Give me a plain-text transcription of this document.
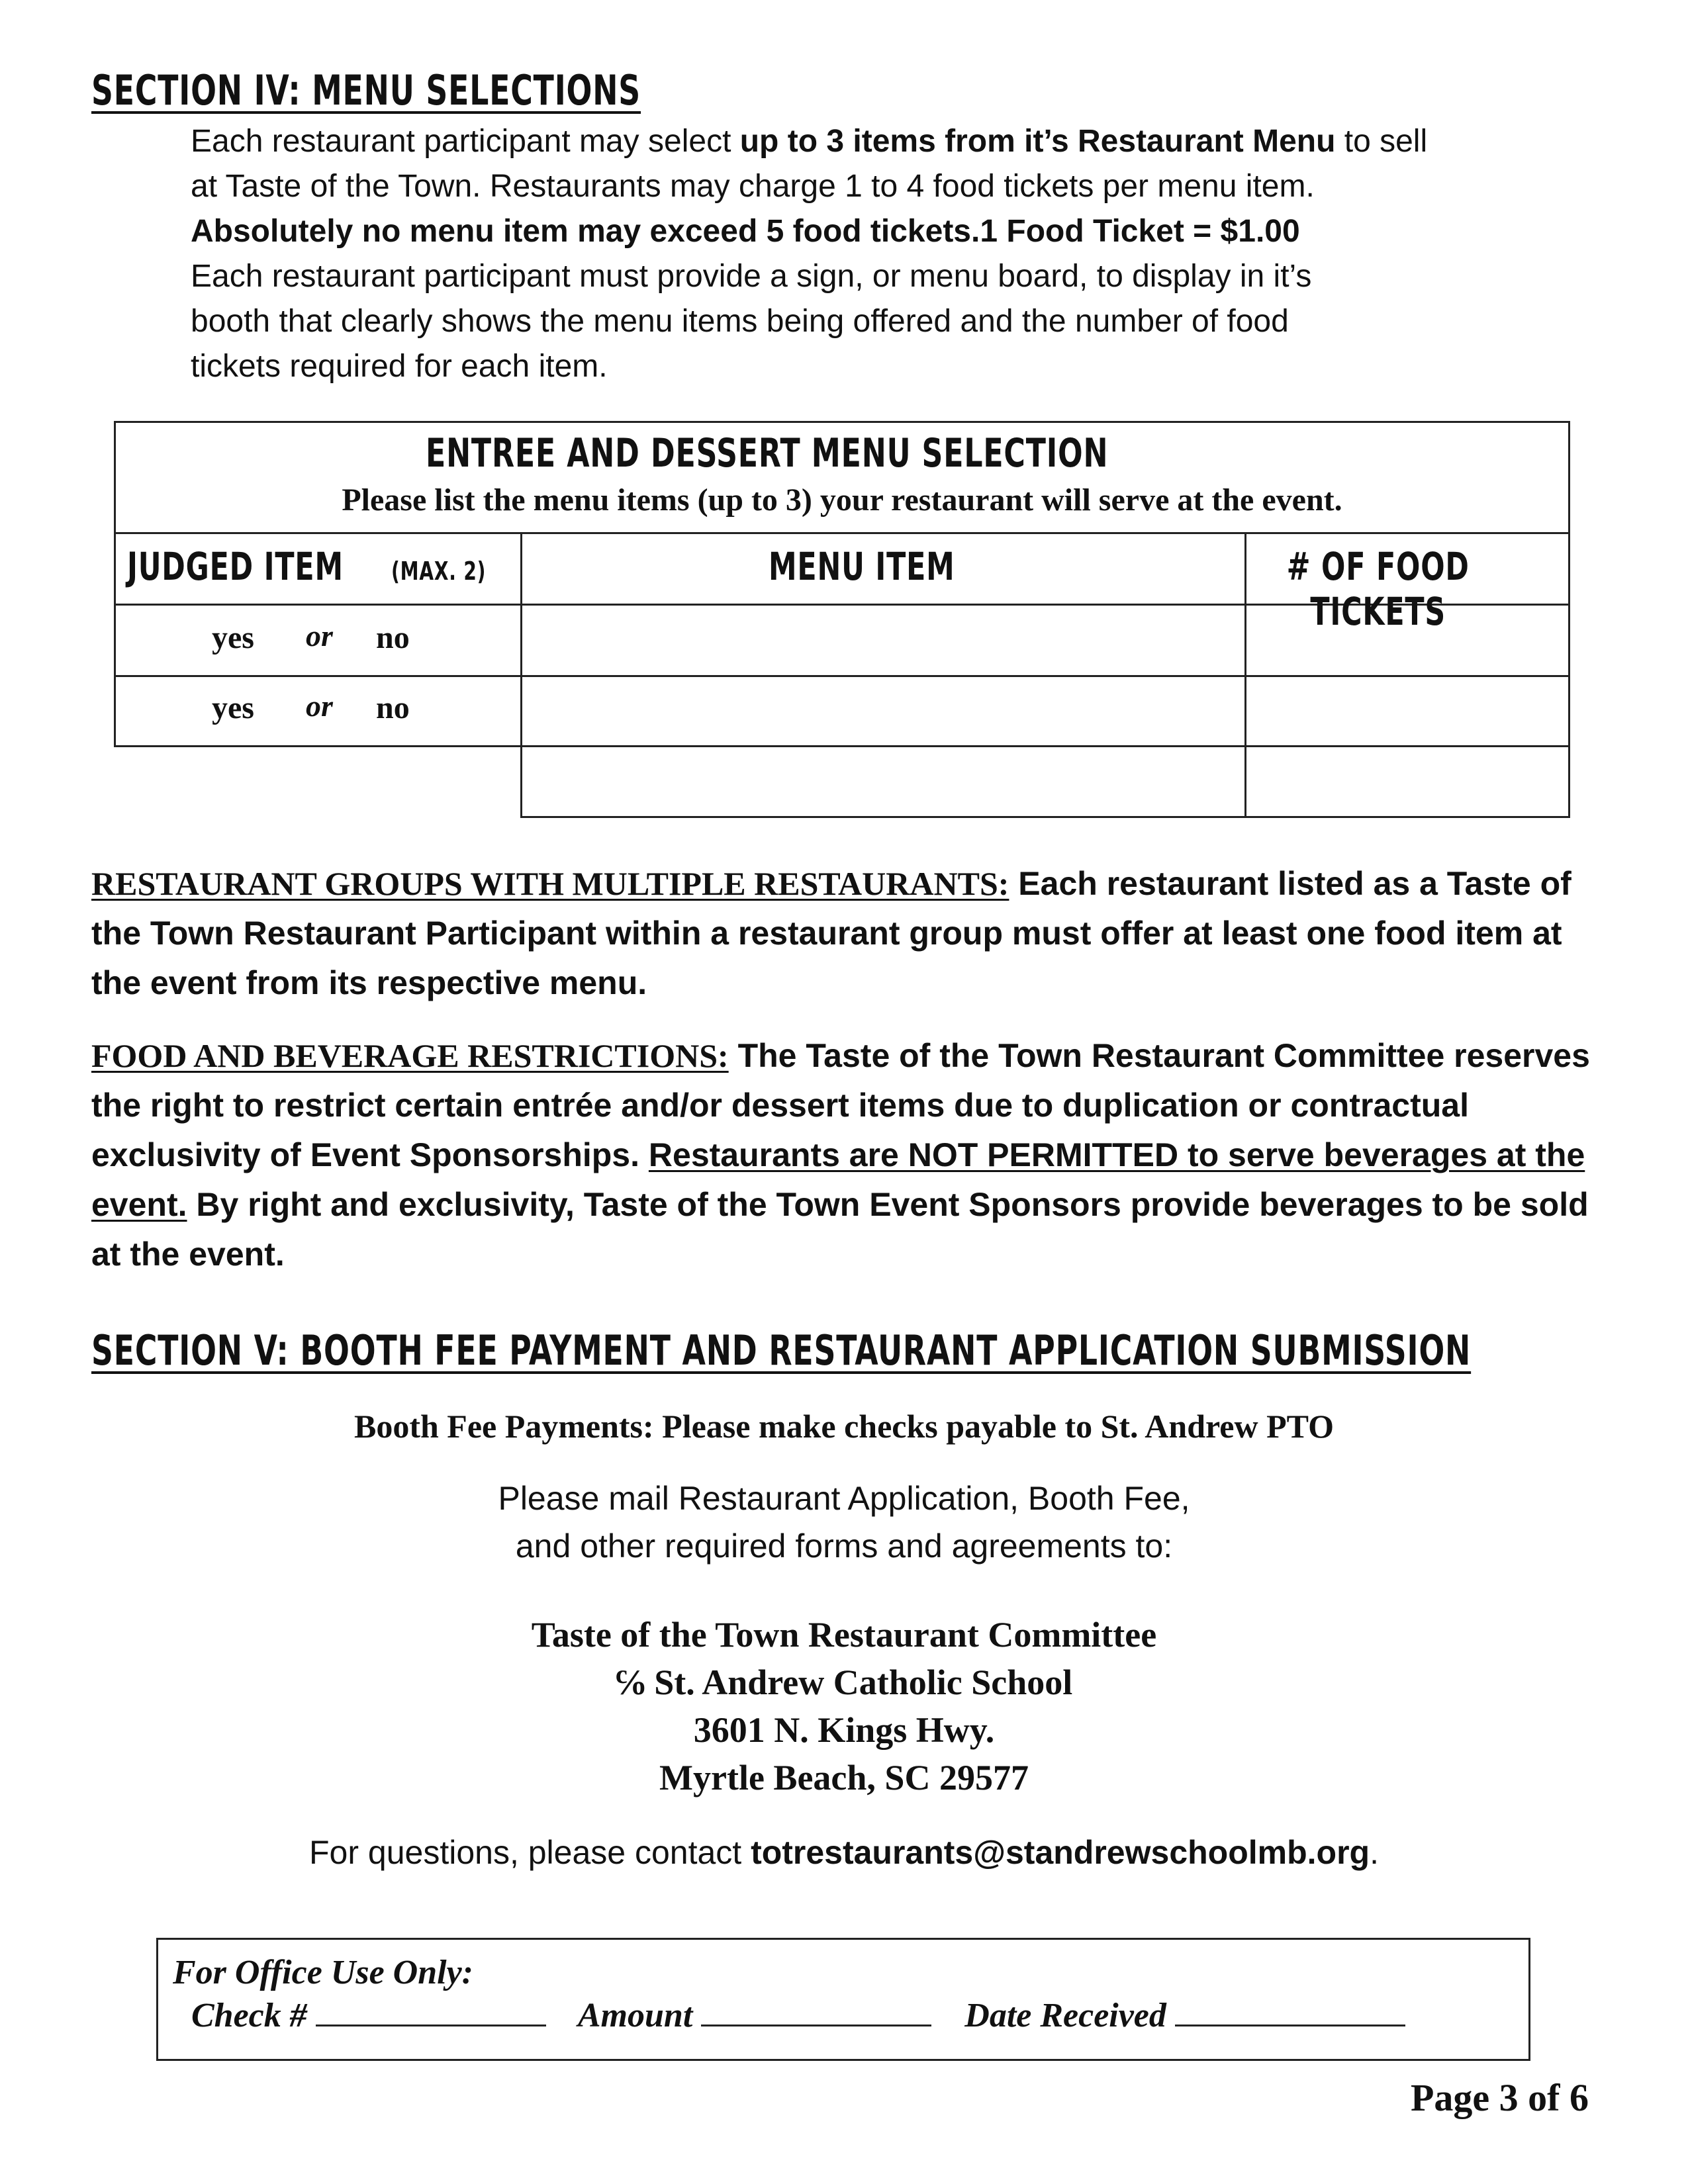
SECTION IV: MENU SELECTIONS
Each restaurant participant may select up to 3 items from it’s Restaurant Menu to sell at Taste of the Town. Restaurants may charge 1 to 4 food tickets per menu item. Absolutely no menu item may exceed 5 food tickets.1 Food Ticket = $1.00
Each restaurant participant must provide a sign, or menu board, to display in it’s booth that clearly shows the menu items being offered and the number of food tickets required for each item.
ENTREE AND DESSERT MENU SELECTION
Please list the menu items (up to 3) your restaurant will serve at the event.
JUDGED ITEM (MAX. 2)	MENU ITEM	# OF FOOD TICKETS
yes or no
yes or no
RESTAURANT GROUPS WITH MULTIPLE RESTAURANTS: Each restaurant listed as a Taste of the Town Restaurant Participant within a restaurant group must offer at least one food item at the event from its respective menu.
FOOD AND BEVERAGE RESTRICTIONS: The Taste of the Town Restaurant Committee reserves the right to restrict certain entrée and/or dessert items due to duplication or contractual exclusivity of Event Sponsorships. Restaurants are NOT PERMITTED to serve beverages at the event. By right and exclusivity, Taste of the Town Event Sponsors provide beverages to be sold at the event.
SECTION V: BOOTH FEE PAYMENT AND RESTAURANT APPLICATION SUBMISSION
Booth Fee Payments: Please make checks payable to St. Andrew PTO
Please mail Restaurant Application, Booth Fee,
and other required forms and agreements to:
Taste of the Town Restaurant Committee
℅ St. Andrew Catholic School
3601 N. Kings Hwy.
Myrtle Beach, SC 29577
For questions, please contact totrestaurants@standrewschoolmb.org.
For Office Use Only:
Check #	Amount	Date Received
Page 3 of 6
